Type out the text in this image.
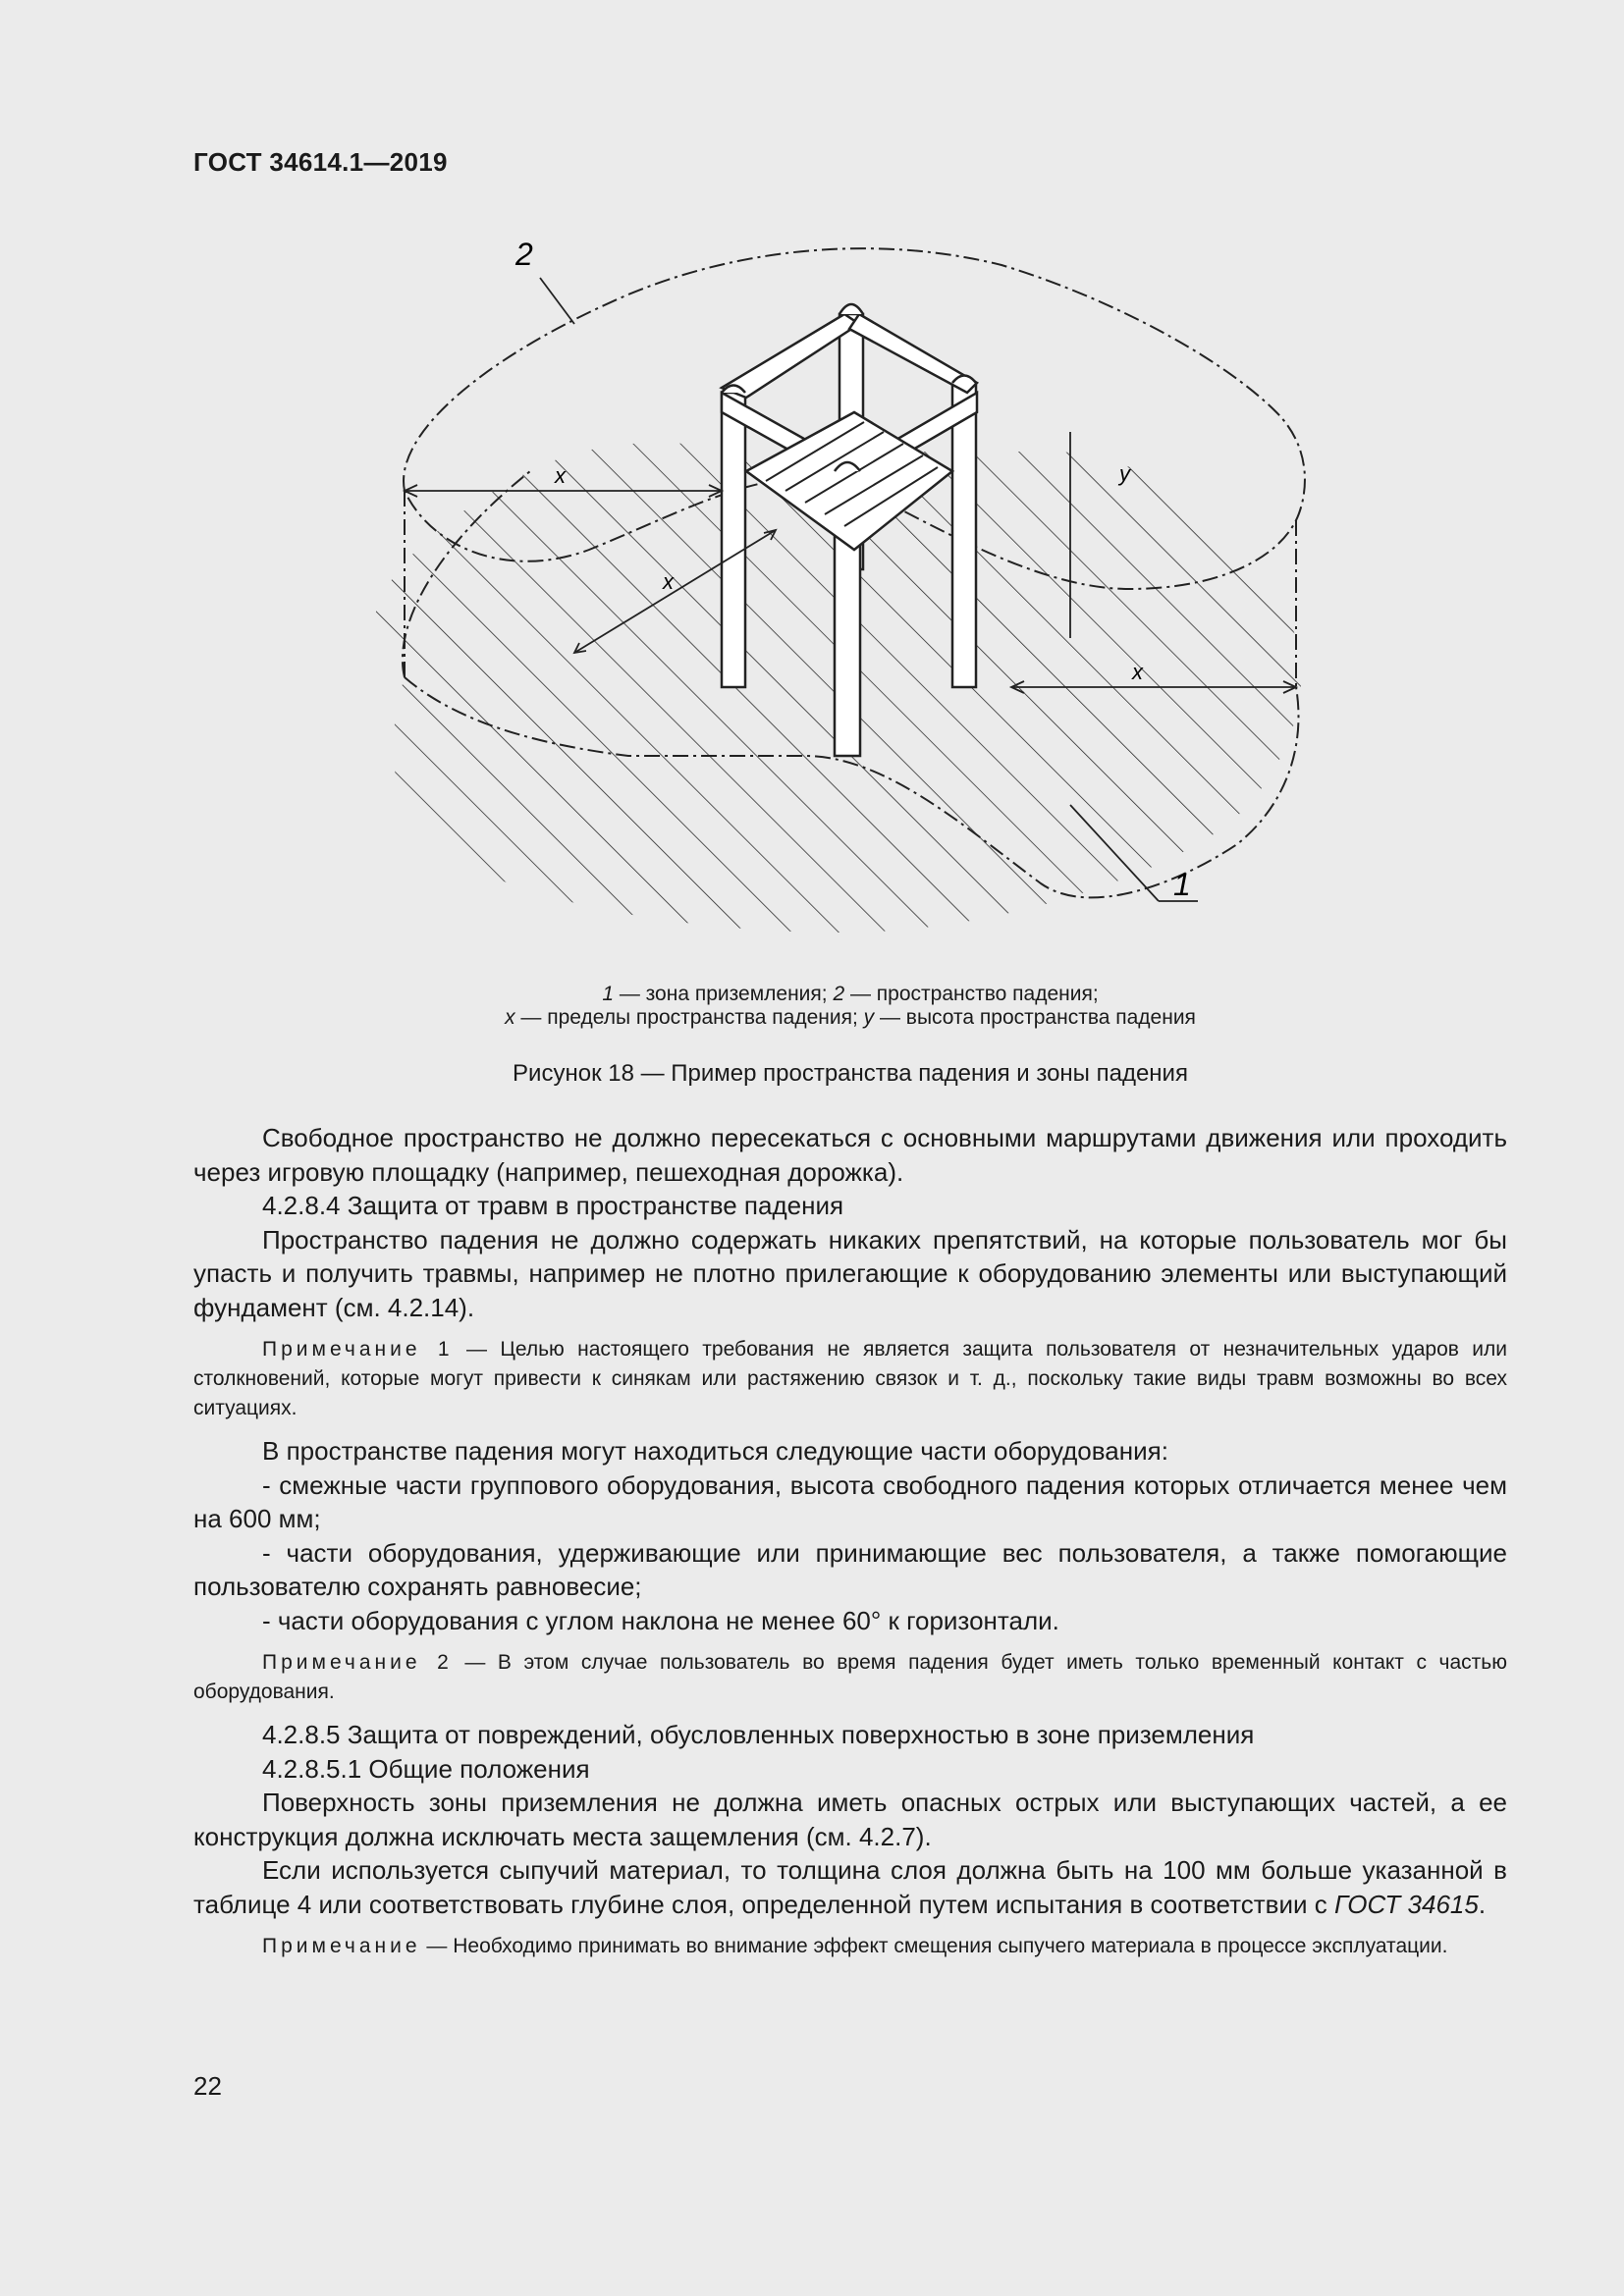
ГОСТ 34614.1—2019
2
1
x
x
x
y
1 — зона приземления; 2 — пространство падения;
x — пределы пространства падения; y — высота пространства падения
Рисунок 18 — Пример пространства падения и зоны падения

Свободное пространство не должно пересекаться с основными маршрутами движения или проходить через игровую площадку (например, пешеходная дорожка).

4.2.8.4 Защита от травм в пространстве падения

Пространство падения не должно содержать никаких препятствий, на которые пользователь мог бы упасть и получить травмы, например не плотно прилегающие к оборудованию элементы или выступающий фундамент (см. 4.2.14).

Примечание 1 — Целью настоящего требования не является защита пользователя от незначительных ударов или столкновений, которые могут привести к синякам или растяжению связок и т. д., поскольку такие виды травм возможны во всех ситуациях.

В пространстве падения могут находиться следующие части оборудования:

- смежные части группового оборудования, высота свободного падения которых отличается менее чем на 600 мм;

- части оборудования, удерживающие или принимающие вес пользователя, а также помогающие пользователю сохранять равновесие;

- части оборудования с углом наклона не менее 60° к горизонтали.

Примечание 2 — В этом случае пользователь во время падения будет иметь только временный контакт с частью оборудования.

4.2.8.5 Защита от повреждений, обусловленных поверхностью в зоне приземления

4.2.8.5.1 Общие положения

Поверхность зоны приземления не должна иметь опасных острых или выступающих частей, а ее конструкция должна исключать места защемления (см. 4.2.7).

Если используется сыпучий материал, то толщина слоя должна быть на 100 мм больше указанной в таблице 4 или соответствовать глубине слоя, определенной путем испытания в соответствии с ГОСТ 34615.

Примечание — Необходимо принимать во внимание эффект смещения сыпучего материала в процессе эксплуатации.

22
